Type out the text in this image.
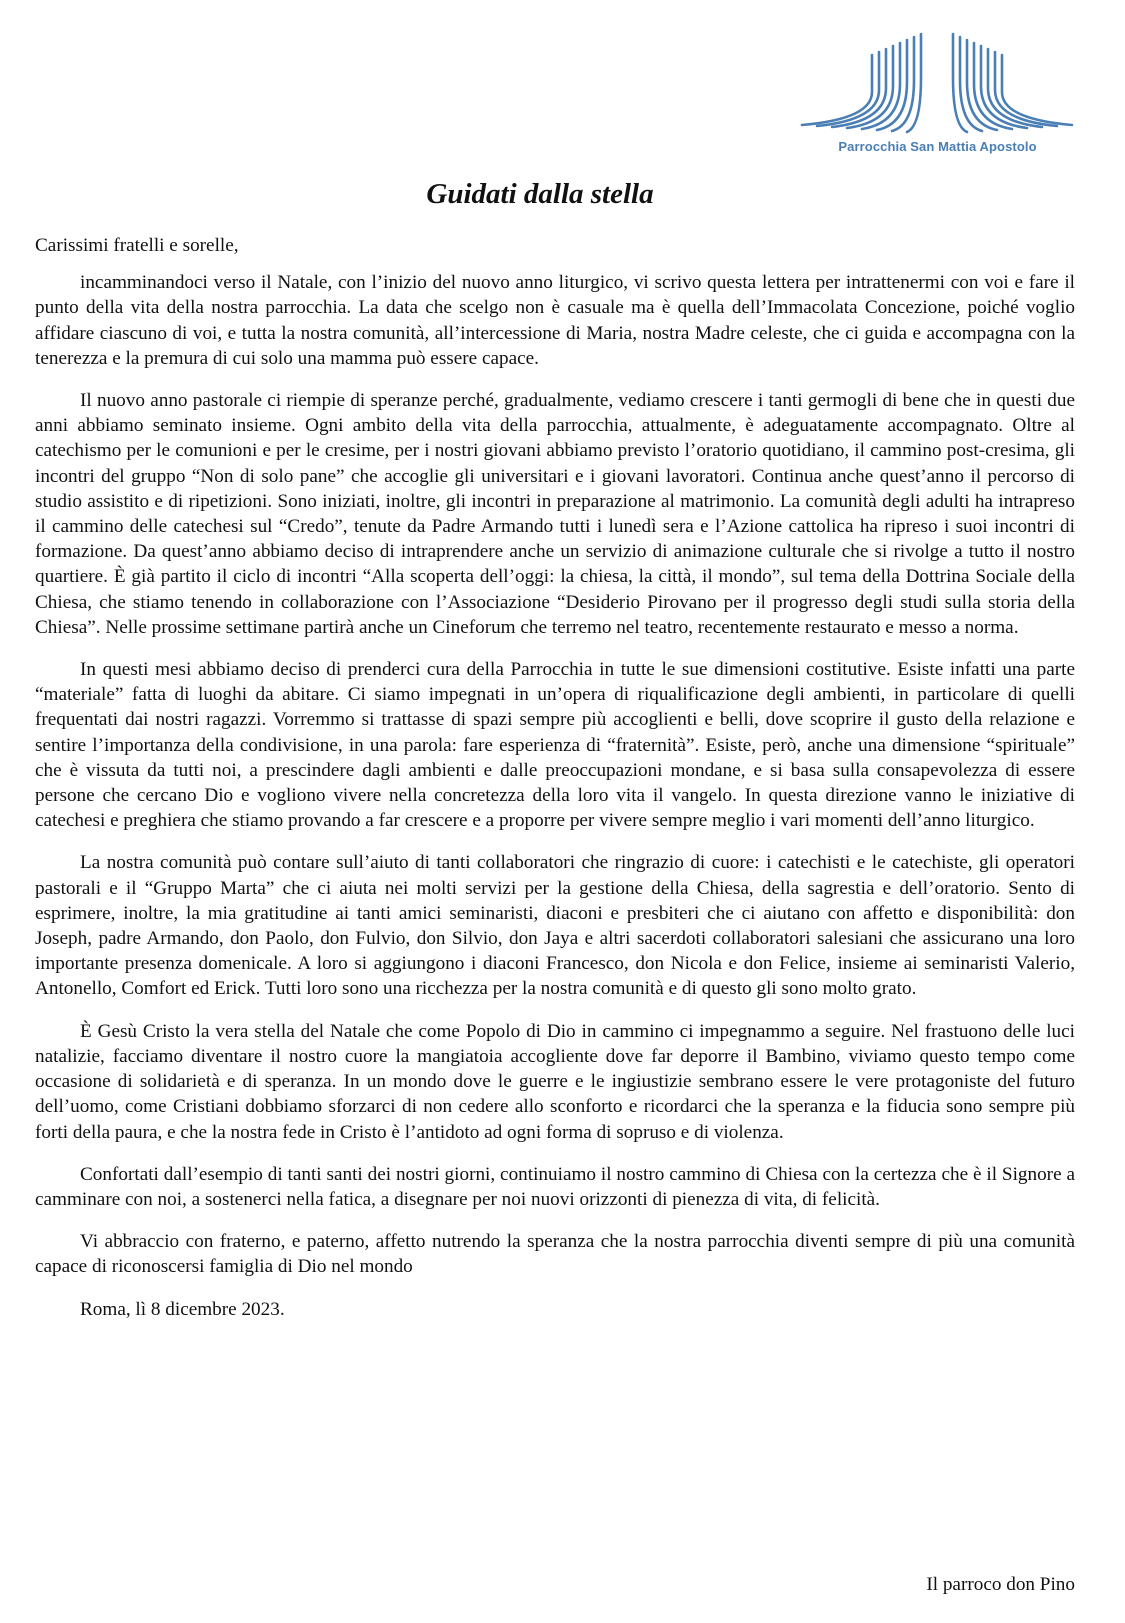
Parrocchia San Mattia Apostolo
Guidati dalla stella

Carissimi fratelli e sorelle,

incamminandoci verso il Natale, con l’inizio del nuovo anno liturgico, vi scrivo questa lettera per intrattenermi con voi e fare il punto della vita della nostra parrocchia. La data che scelgo non è casuale ma è quella dell’Immacolata Concezione, poiché voglio affidare ciascuno di voi, e tutta la nostra comunità, all’intercessione di Maria, nostra Madre celeste, che ci guida e accompagna con la tenerezza e la premura di cui solo una mamma può essere capace.

Il nuovo anno pastorale ci riempie di speranze perché, gradualmente, vediamo crescere i tanti germogli di bene che in questi due anni abbiamo seminato insieme. Ogni ambito della vita della parrocchia, attualmente, è adeguatamente accompagnato. Oltre al catechismo per le comunioni e per le cresime, per i nostri giovani abbiamo previsto l’oratorio quotidiano, il cammino post-cresima, gli incontri del gruppo “Non di solo pane” che accoglie gli universitari e i giovani lavoratori. Continua anche quest’anno il percorso di studio assistito e di ripetizioni. Sono iniziati, inoltre, gli incontri in preparazione al matrimonio. La comunità degli adulti ha intrapreso il cammino delle catechesi sul “Credo”, tenute da Padre Armando tutti i lunedì sera e l’Azione cattolica ha ripreso i suoi incontri di formazione. Da quest’anno abbiamo deciso di intraprendere anche un servizio di animazione culturale che si rivolge a tutto il nostro quartiere. È già partito il ciclo di incontri “Alla scoperta dell’oggi: la chiesa, la città, il mondo”, sul tema della Dottrina Sociale della Chiesa, che stiamo tenendo in collaborazione con l’Associazione “Desiderio Pirovano per il progresso degli studi sulla storia della Chiesa”. Nelle prossime settimane partirà anche un Cineforum che terremo nel teatro, recentemente restaurato e messo a norma.

In questi mesi abbiamo deciso di prenderci cura della Parrocchia in tutte le sue dimensioni costitutive. Esiste infatti una parte “materiale” fatta di luoghi da abitare. Ci siamo impegnati in un’opera di riqualificazione degli ambienti, in particolare di quelli frequentati dai nostri ragazzi. Vorremmo si trattasse di spazi sempre più accoglienti e belli, dove scoprire il gusto della relazione e sentire l’importanza della condivisione, in una parola: fare esperienza di “fraternità”. Esiste, però, anche una dimensione “spirituale” che è vissuta da tutti noi, a prescindere dagli ambienti e dalle preoccupazioni mondane, e si basa sulla consapevolezza di essere persone che cercano Dio e vogliono vivere nella concretezza della loro vita il vangelo. In questa direzione vanno le iniziative di catechesi e preghiera che stiamo provando a far crescere e a proporre per vivere sempre meglio i vari momenti dell’anno liturgico.

La nostra comunità può contare sull’aiuto di tanti collaboratori che ringrazio di cuore: i catechisti e le catechiste, gli operatori pastorali e il “Gruppo Marta” che ci aiuta nei molti servizi per la gestione della Chiesa, della sagrestia e dell’oratorio. Sento di esprimere, inoltre, la mia gratitudine ai tanti amici seminaristi, diaconi e presbiteri che ci aiutano con affetto e disponibilità: don Joseph, padre Armando, don Paolo, don Fulvio, don Silvio, don Jaya e altri sacerdoti collaboratori salesiani che assicurano una loro importante presenza domenicale. A loro si aggiungono i diaconi Francesco, don Nicola e don Felice, insieme ai seminaristi Valerio, Antonello, Comfort ed Erick. Tutti loro sono una ricchezza per la nostra comunità e di questo gli sono molto grato.

È Gesù Cristo la vera stella del Natale che come Popolo di Dio in cammino ci impegnammo a seguire. Nel frastuono delle luci natalizie, facciamo diventare il nostro cuore la mangiatoia accogliente dove far deporre il Bambino, viviamo questo tempo come occasione di solidarietà e di speranza. In un mondo dove le guerre e le ingiustizie sembrano essere le vere protagoniste del futuro dell’uomo, come Cristiani dobbiamo sforzarci di non cedere allo sconforto e ricordarci che la speranza e la fiducia sono sempre più forti della paura, e che la nostra fede in Cristo è l’antidoto ad ogni forma di sopruso e di violenza.

Confortati dall’esempio di tanti santi dei nostri giorni, continuiamo il nostro cammino di Chiesa con la certezza che è il Signore a camminare con noi, a sostenerci nella fatica, a disegnare per noi nuovi orizzonti di pienezza di vita, di felicità.

Vi abbraccio con fraterno, e paterno, affetto nutrendo la speranza che la nostra parrocchia diventi sempre di più una comunità capace di riconoscersi famiglia di Dio nel mondo

Roma, lì 8 dicembre 2023.

Il parroco don Pino
